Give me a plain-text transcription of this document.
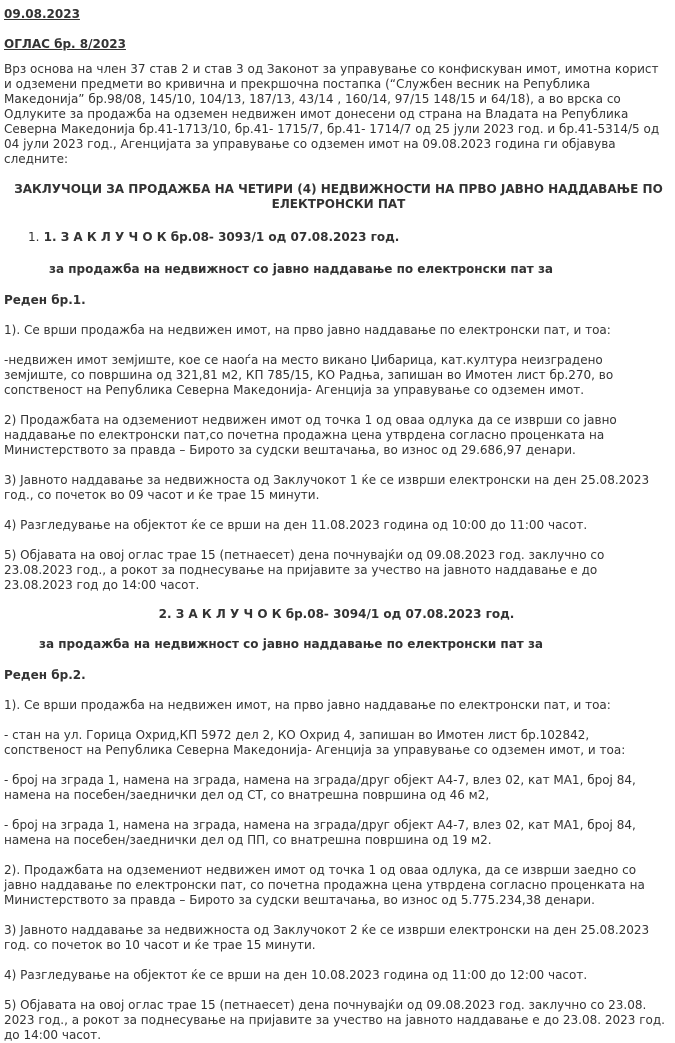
09.08.2023

ОГЛАС бр. 8/2023

Врз основа на член 37 став 2 и став 3 од Законот за управување со конфискуван имот, имотна корист и одземени предмети во кривична и прекршочна постапка (“Службен весник на Република Македонија” бр.98/08, 145/10, 104/13, 187/13, 43/14 , 160/14, 97/15 148/15 и 64/18), а во врска со Одлуките за продажба на одземен недвижен имот донесени од страна на Владата на Република Северна Македонија бр.41-1713/10, бр.41- 1715/7, бр.41- 1714/7 од 25 јули 2023 год. и бр.41-5314/5 од 04 јули 2023 год., Агенцијата за управување со одземен имот на 09.08.2023 година ги објавува следните:

ЗАКЛУЧОЦИ ЗА ПРОДАЖБА НА ЧЕТИРИ (4) НЕДВИЖНОСТИ НА ПРВО ЈАВНО НАДДАВАЊЕ ПО ЕЛЕКТРОНСКИ ПАТ

1. 1. З А К Л У Ч О К бр.08- 3093/1 од 07.08.2023 год.

за продажба на недвижност со јавно наддавање по електронски пат за

Реден бр.1.

1). Се врши продажба на недвижен имот, на прво јавно наддавање по електронски пат, и тоа:

-недвижен имот земјиште, кое се наоѓа на место викано Џибарица, кат.култура неизградено земјиште, со површина од 321,81 м2, КП 785/15, КО Радња, запишан во Имотен лист бр.270, во сопственост на Република Северна Македонија- Агенција за управување со одземен имот.

2) Продажбата на одземениот недвижен имот од точка 1 од оваа одлука да се изврши со јавно наддавање по електронски пат,со почетна продажна цена утврдена согласно проценката на Министерството за правда – Бирото за судски вештачања, во износ од 29.686,97 денари.

3) Јавното наддавање за недвижноста од Заклучокот 1 ќе се изврши електронски на ден 25.08.2023 год., со почеток во 09 часот и ќе трае 15 минути.

4) Разгледување на објектот ќе се врши на ден 11.08.2023 година од 10:00 до 11:00 часот.

5) Објавата на овој оглас трае 15 (петнаесет) дена почнувајќи од 09.08.2023 год. заклучно со 23.08.2023 год., а рокот за поднесување на пријавите за учество на јавното наддавање е до 23.08.2023 год до 14:00 часот.

2. З А К Л У Ч О К бр.08- 3094/1 од 07.08.2023 год.

за продажба на недвижност со јавно наддавање по електронски пат за

Реден бр.2.

1). Се врши продажба на недвижен имот, на прво јавно наддавање по електронски пат, и тоа:

- стан на ул. Горица Охрид,КП 5972 дел 2, КО Охрид 4, запишан во Имотен лист бр.102842, сопственост на Република Северна Македонија- Агенција за управување со одземен имот, и тоа:

- број на зграда 1, намена на зграда, намена на зграда/друг објект А4-7, влез 02, кат МА1, број 84, намена на посебен/заеднички дел од СТ, со внатрешна површина од 46 м2,

- број на зграда 1, намена на зграда, намена на зграда/друг објект А4-7, влез 02, кат МА1, број 84, намена на посебен/заеднички дел од ПП, со внатрешна површина од 19 м2.

2). Продажбата на одземениот недвижен имот од точка 1 од оваа одлука, да се изврши заедно со јавно наддавање по електронски пат, со почетна продажна цена утврдена согласно проценката на Министерството за правда – Бирото за судски вештачања, во износ од 5.775.234,38 денари.

3) Јавното наддавање за недвижноста од Заклучокот 2 ќе се изврши електронски на ден 25.08.2023 год. со почеток во 10 часот и ќе трае 15 минути.

4) Разгледување на објектот ќе се врши на ден 10.08.2023 година од 11:00 до 12:00 часот.

5) Објавата на овој оглас трае 15 (петнаесет) дена почнувајќи од 09.08.2023 год. заклучно со 23.08. 2023 год., а рокот за поднесување на пријавите за учество на јавното наддавање е до 23.08. 2023 год. до 14:00 часот.
